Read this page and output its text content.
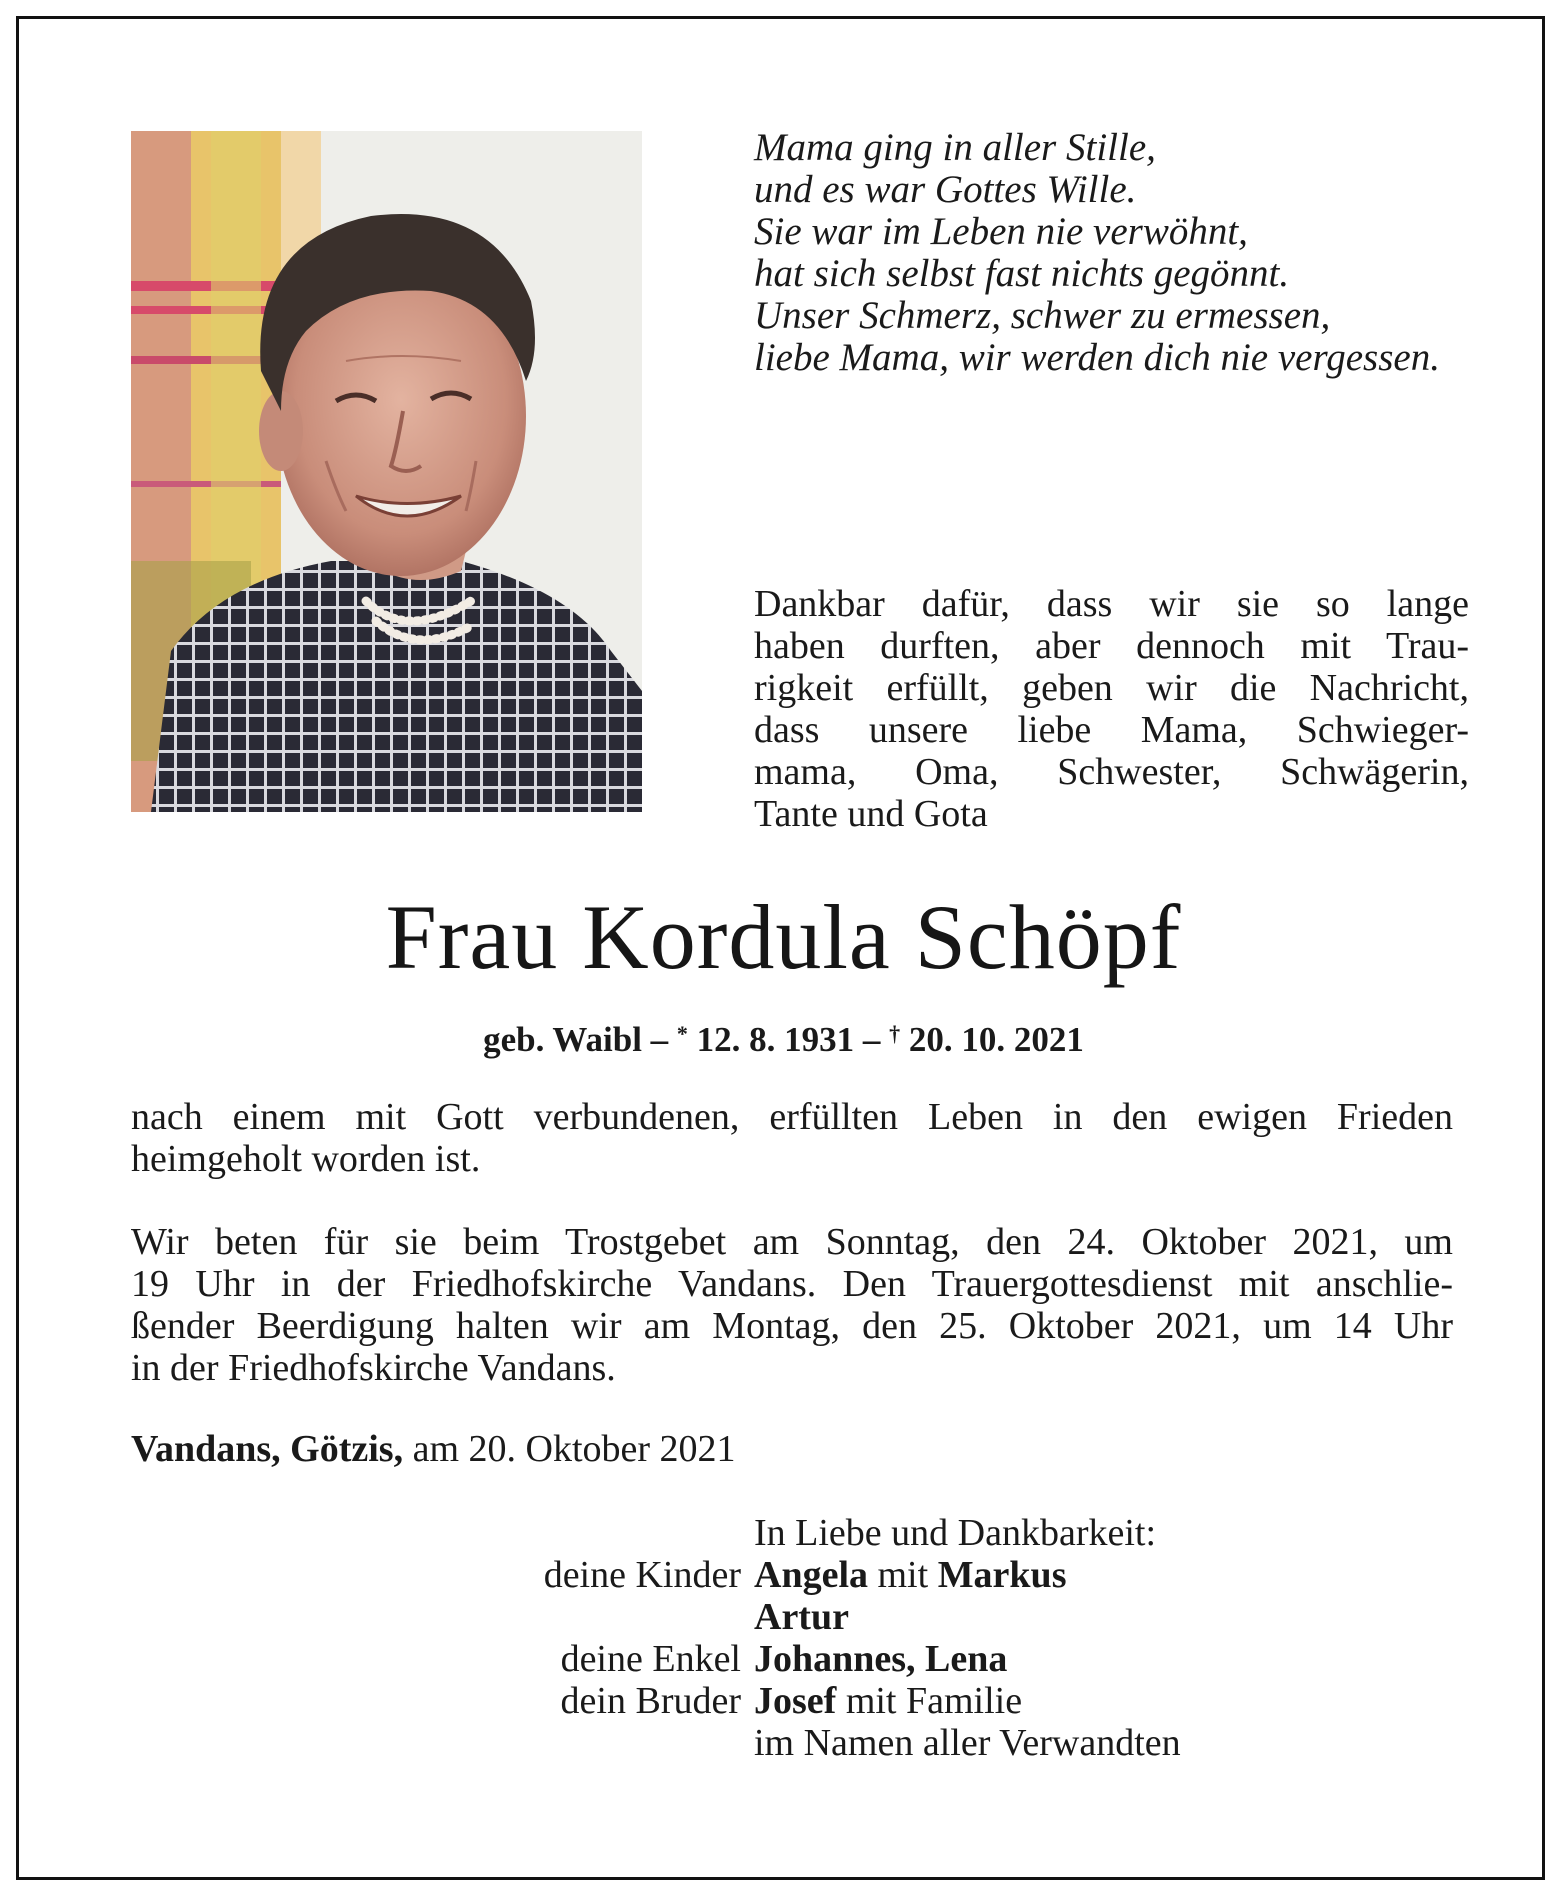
Mama ging in aller Stille,
und es war Gottes Wille.
Sie war im Leben nie verwöhnt,
hat sich selbst fast nichts gegönnt.
Unser Schmerz, schwer zu ermessen,
liebe Mama, wir werden dich nie vergessen.
Dankbar dafür, dass wir sie so lange
haben durften, aber dennoch mit Trau-
rigkeit erfüllt, geben wir die Nachricht,
dass unsere liebe Mama, Schwieger-
mama, Oma, Schwester, Schwägerin,
Tante und Gota
Frau Kordula Schöpf
geb. Waibl – * 12. 8. 1931 – † 20. 10. 2021
nach einem mit Gott verbundenen, erfüllten Leben in den ewigen Frieden
heimgeholt worden ist.
Wir beten für sie beim Trostgebet am Sonntag, den 24. Oktober 2021, um
19 Uhr in der Friedhofskirche Vandans. Den Trauergottesdienst mit anschlie-
ßender Beerdigung halten wir am Montag, den 25. Oktober 2021, um 14 Uhr
in der Friedhofskirche Vandans.
Vandans, Götzis, am 20. Oktober 2021
In Liebe und Dankbarkeit:
deine Kinder Angela mit Markus
Artur
deine Enkel Johannes, Lena
dein Bruder Josef mit Familie
im Namen aller Verwandten
